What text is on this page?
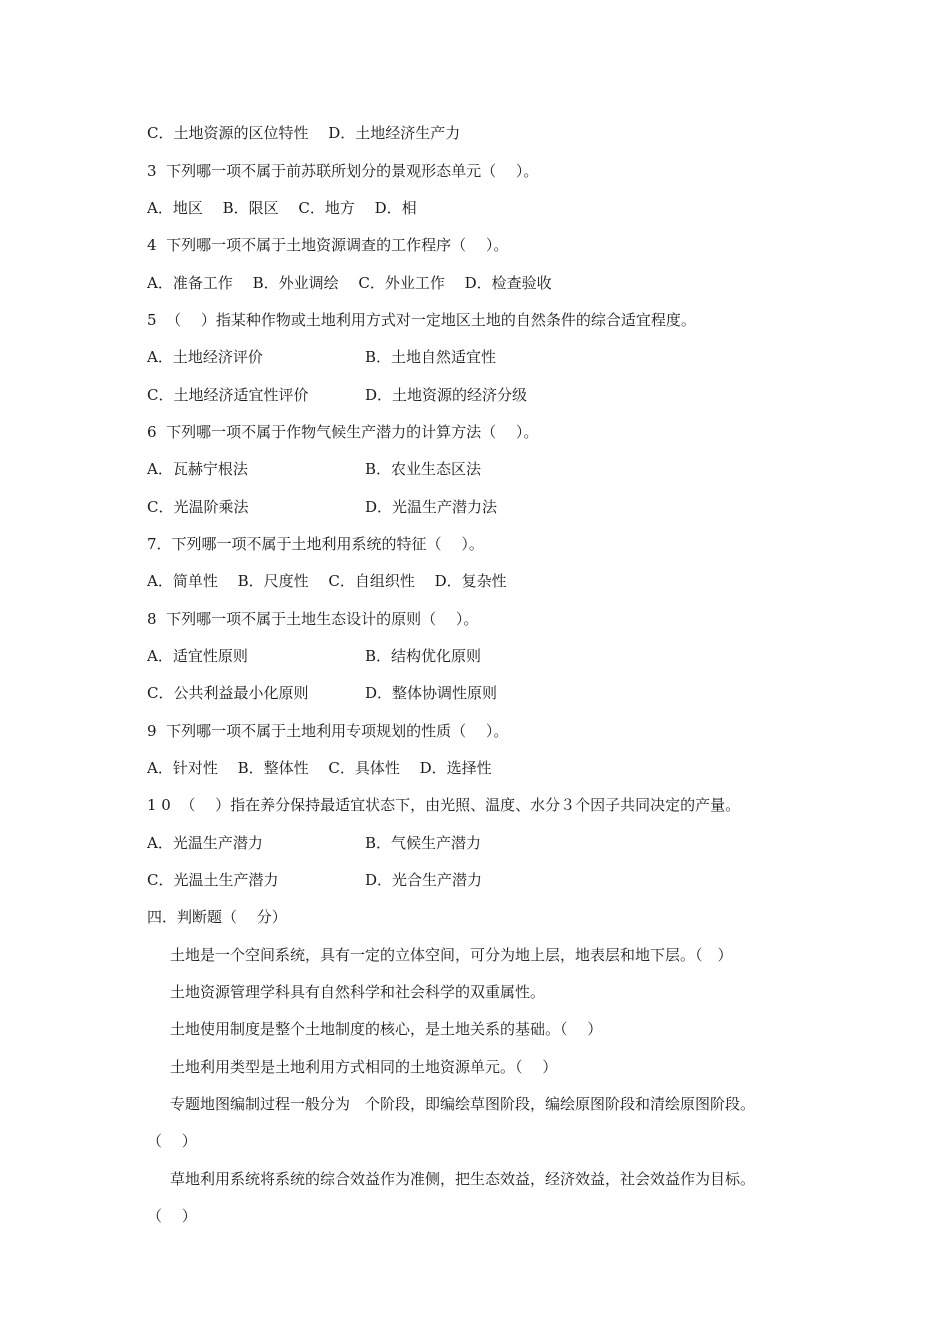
C．土地资源的区位特性　 D．土地经济生产力
3  下列哪一项不属于前苏联所划分的景观形态单元（　 ）。
A．地区　 B．限区　 C．地方　 D．相
4  下列哪一项不属于土地资源调查的工作程序（　 ）。
A．准备工作　 B．外业调绘　 C．外业工作　 D．检查验收
5  （　 ）指某种作物或土地利用方式对一定地区土地的自然条件的综合适宜程度。
A．土地经济评价	B．土地自然适宜性
C．土地经济适宜性评价	D．土地资源的经济分级
6  下列哪一项不属于作物气候生产潜力的计算方法（　 ）。
A．瓦赫宁根法	B．农业生态区法
C．光温阶乘法	D．光温生产潜力法
7．下列哪一项不属于土地利用系统的特征（　 ）。
A．简单性　 B．尺度性　 C．自组织性　 D．复杂性
8  下列哪一项不属于土地生态设计的原则（　 ）。
A．适宜性原则	B．结构优化原则
C．公共利益最小化原则	D．整体协调性原则
9  下列哪一项不属于土地利用专项规划的性质（　 ）。
A．针对性　 B．整体性　 C．具体性　 D．选择性
1 0  （　 ）指在养分保持最适宜状态下，由光照、温度、水分３个因子共同决定的产量。
A．光温生产潜力	B．气候生产潜力
C．光温土生产潜力	D．光合生产潜力
四．判断题（　 分）
土地是一个空间系统，具有一定的立体空间，可分为地上层，地表层和地下层。（　）
土地资源管理学科具有自然科学和社会科学的双重属性。
土地使用制度是整个土地制度的核心，是土地关系的基础。（　 ）
土地利用类型是土地利用方式相同的土地资源单元。（　 ）
专题地图编制过程一般分为　个阶段，即编绘草图阶段，编绘原图阶段和清绘原图阶段。
（　 ）
草地利用系统将系统的综合效益作为准侧，把生态效益，经济效益，社会效益作为目标。
（　 ）
